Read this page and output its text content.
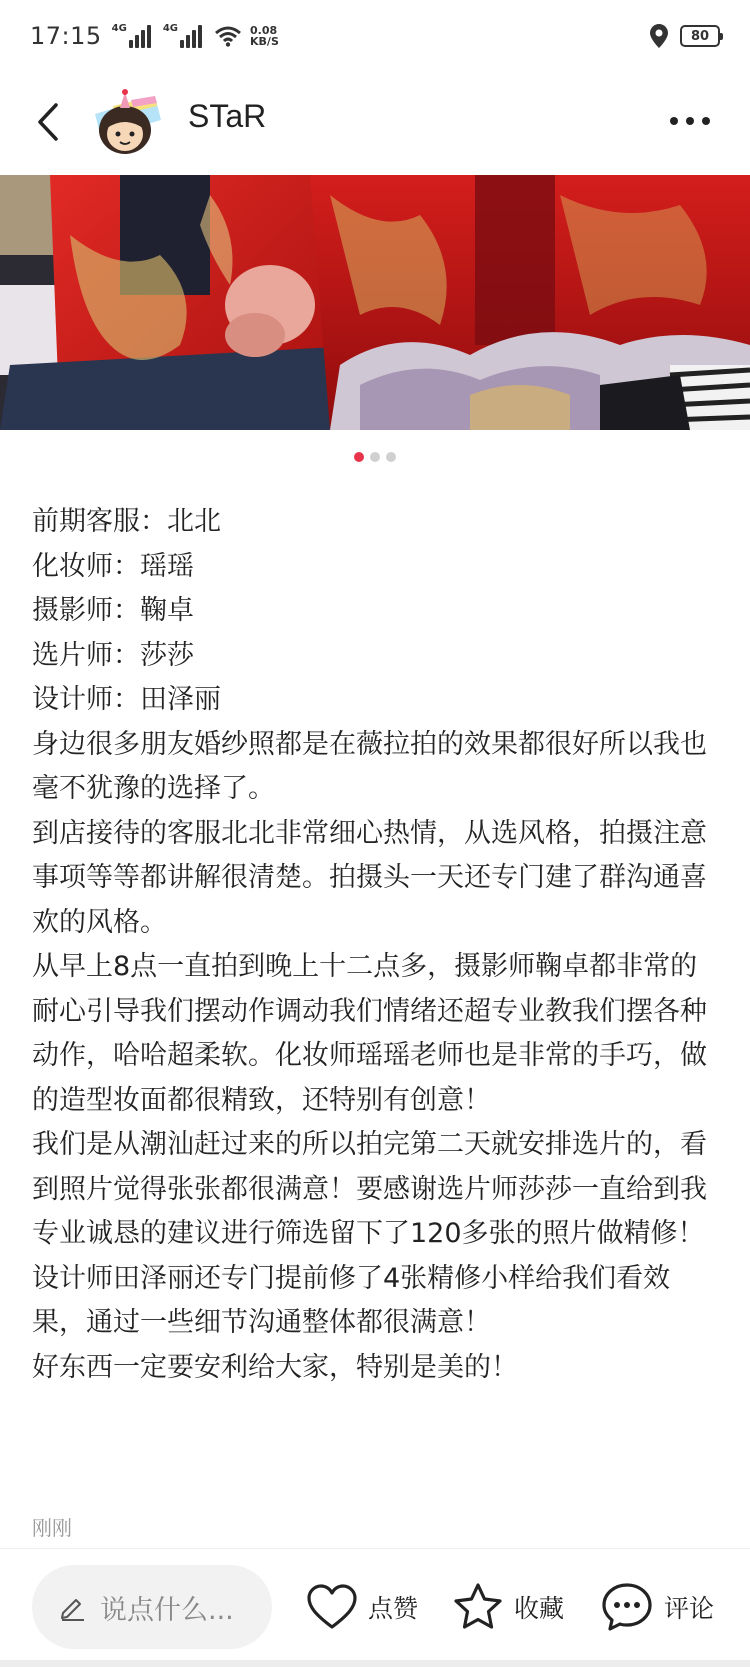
17:15 4G	4G	0.08
KB/S	80
STaR

前期客服：北北

化妆师：瑶瑶

摄影师：鞠卓

选片师：莎莎

设计师：田泽丽

身边很多朋友婚纱照都是在薇拉拍的效果都很好所以我也毫不犹豫的选择了。

到店接待的客服北北非常细心热情，从选风格，拍摄注意事项等等都讲解很清楚。拍摄头一天还专门建了群沟通喜欢的风格。

从早上8点一直拍到晚上十二点多，摄影师鞠卓都非常的耐心引导我们摆动作调动我们情绪还超专业教我们摆各种动作，哈哈超柔软。化妆师瑶瑶老师也是非常的手巧，做的造型妆面都很精致，还特别有创意！

我们是从潮汕赶过来的所以拍完第二天就安排选片的，看到照片觉得张张都很满意！要感谢选片师莎莎一直给到我专业诚恳的建议进行筛选留下了120多张的照片做精修！

设计师田泽丽还专门提前修了4张精修小样给我们看效果，通过一些细节沟通整体都很满意！

好东西一定要安利给大家，特别是美的！

刚刚
说点什么...	点赞	收藏	评论
